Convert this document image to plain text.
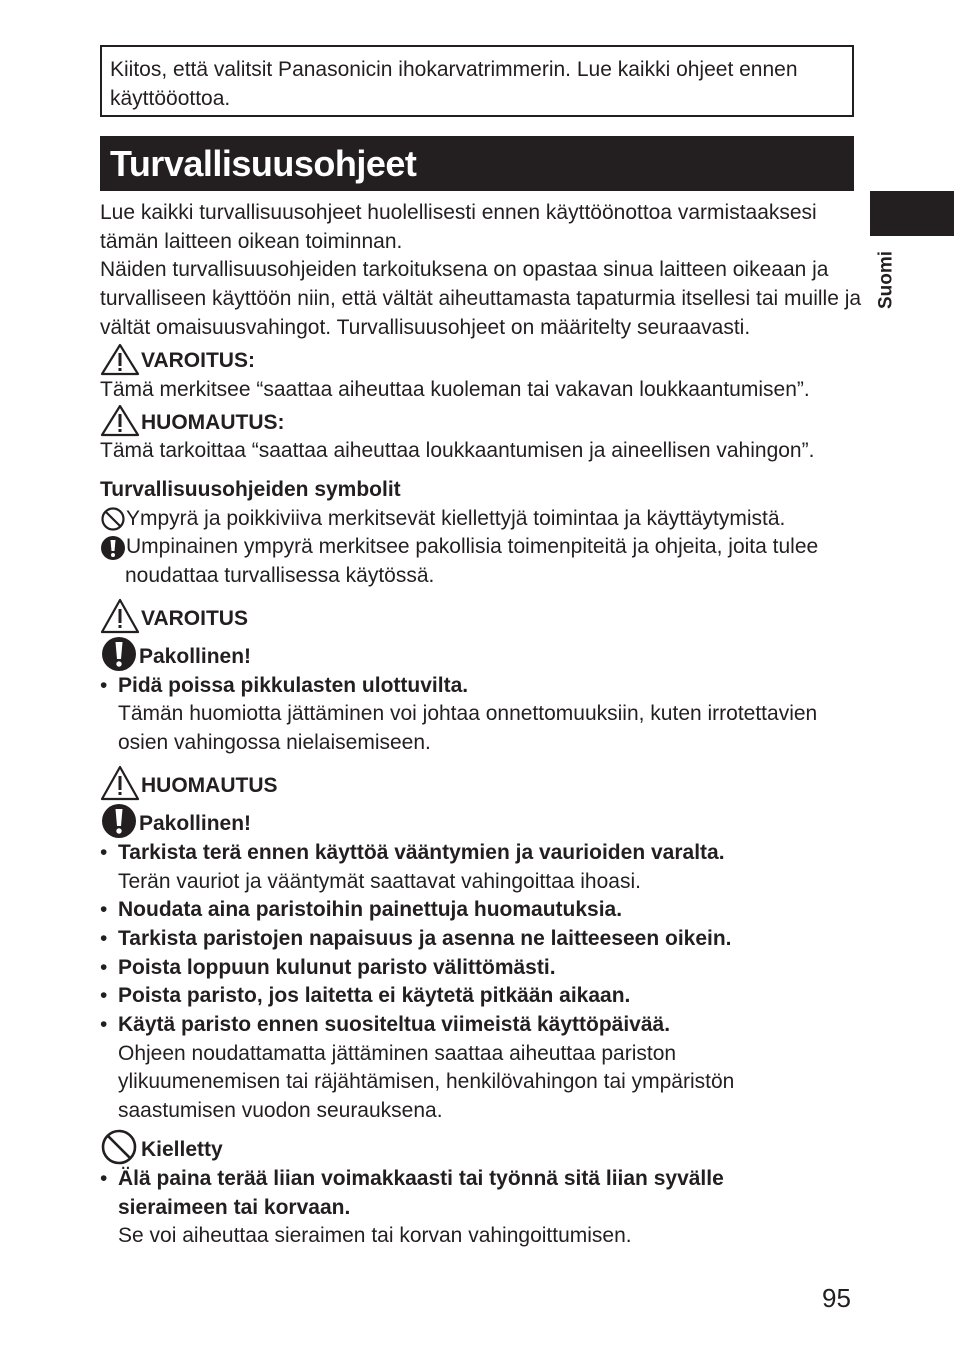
Kiitos, että valitsit Panasonicin ihokarvatrimmerin. Lue kaikki ohjeet ennen käyttööottoa.

Turvallisuusohjeet
Suomi

Lue kaikki turvallisuusohjeet huolellisesti ennen käyttöönottoa varmistaaksesi tämän laitteen oikean toiminnan.

Näiden turvallisuusohjeiden tarkoituksena on opastaa sinua laitteen oikeaan ja turvalliseen käyttöön niin, että vältät aiheuttamasta tapaturmia itsellesi tai muille ja vältät omaisuusvahingot. Turvallisuusohjeet on määritelty seuraavasti.

VAROITUS:

Tämä merkitsee “saattaa aiheuttaa kuoleman tai vakavan loukkaantumisen”.

HUOMAUTUS:

Tämä tarkoittaa “saattaa aiheuttaa loukkaantumisen ja aineellisen vahingon”.

Turvallisuusohjeiden symbolit

Ympyrä ja poikkiviiva merkitsevät kiellettyjä toimintaa ja käyttäytymistä.
Umpinainen ympyrä merkitsee pakollisia toimenpiteitä ja ohjeita, joita tulee

noudattaa turvallisessa käytössä.

VAROITUS
Pakollinen!
• Pidä poissa pikkulasten ulottuvilta.

Tämän huomiotta jättäminen voi johtaa onnettomuuksiin, kuten irrotettavien osien vahingossa nielaisemiseen.

HUOMAUTUS
Pakollinen!
• Tarkista terä ennen käyttöä vääntymien ja vaurioiden varalta.

Terän vauriot ja vääntymät saattavat vahingoittaa ihoasi.

• Noudata aina paristoihin painettuja huomautuksia.
• Tarkista paristojen napaisuus ja asenna ne laitteeseen oikein.
• Poista loppuun kulunut paristo välittömästi.
• Poista paristo, jos laitetta ei käytetä pitkään aikaan.
• Käytä paristo ennen suositeltua viimeistä käyttöpäivää.

Ohjeen noudattamatta jättäminen saattaa aiheuttaa pariston ylikuumenemisen tai räjähtämisen, henkilövahingon tai ympäristön saastumisen vuodon seurauksena.

Kielletty
• Älä paina terää liian voimakkaasti tai työnnä sitä liian syvälle sieraimeen tai korvaan.

Se voi aiheuttaa sieraimen tai korvan vahingoittumisen.

95
